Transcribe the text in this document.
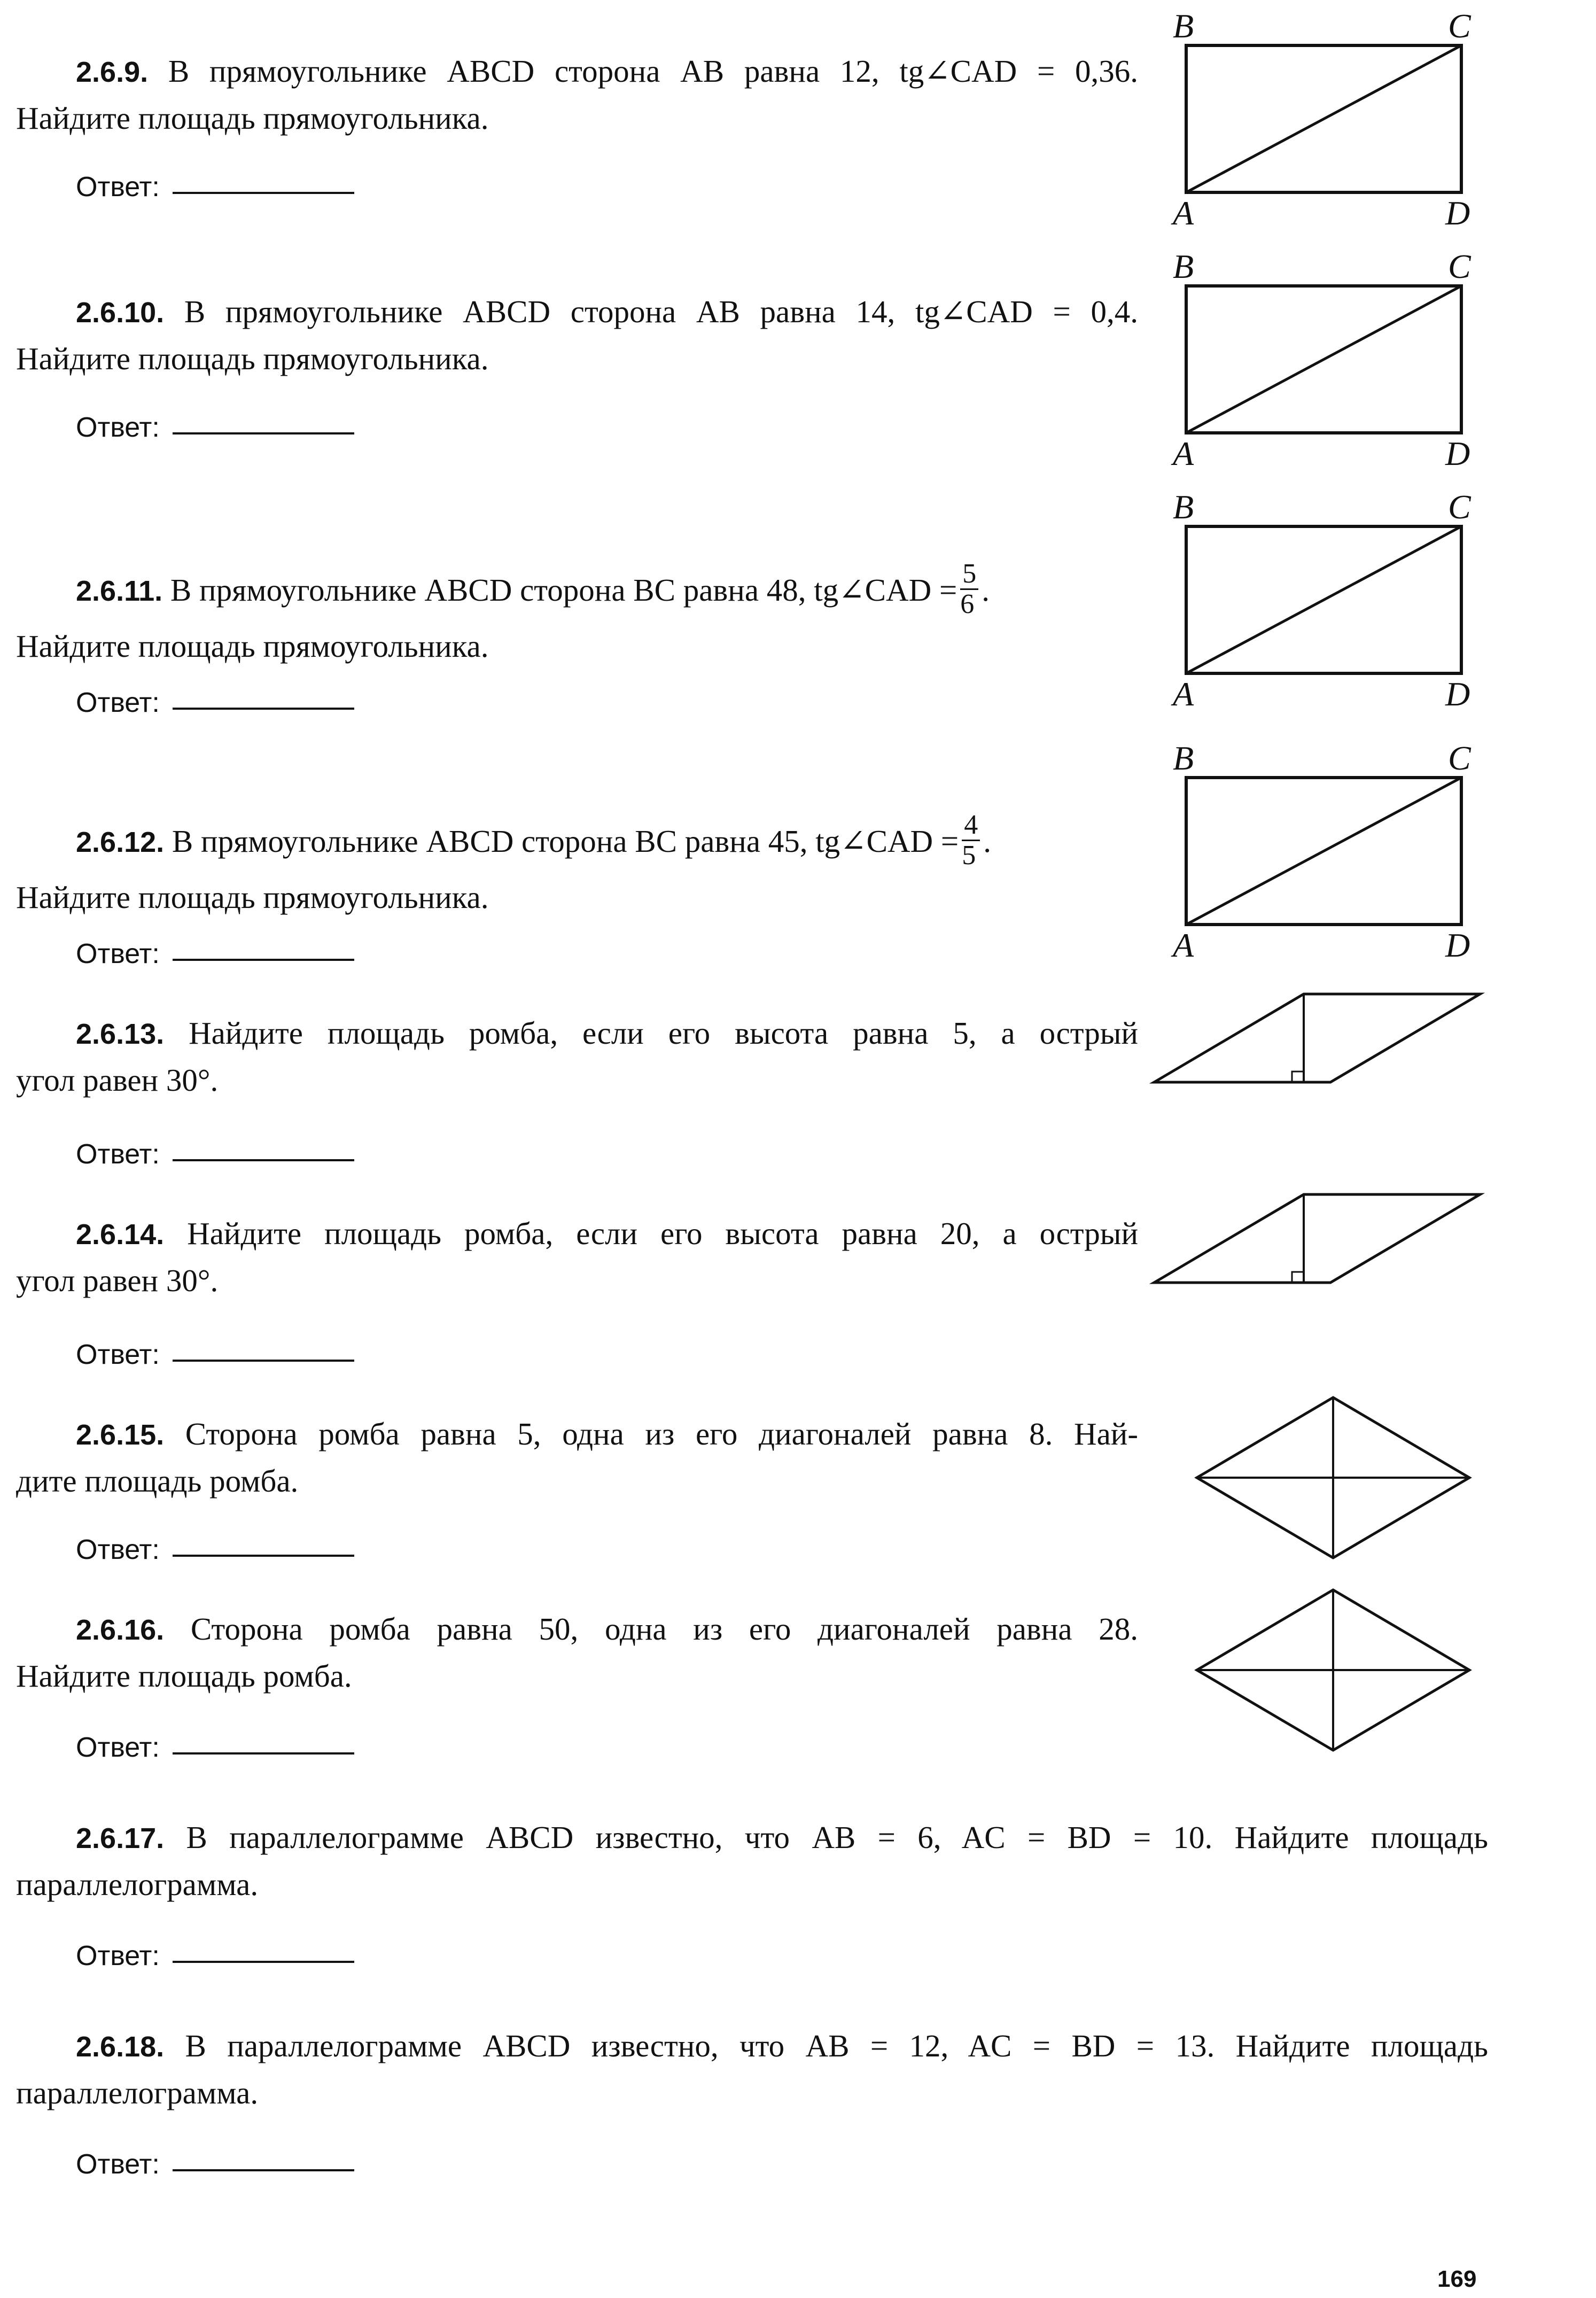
2.6.9. В прямоугольнике ABCD сторона AB равна 12, tg∠CAD = 0,36.
Найдите площадь прямоугольника.
Ответ:
2.6.10. В прямоугольнике ABCD сторона AB равна 14, tg∠CAD = 0,4.
Найдите площадь прямоугольника.
Ответ:
2.6.11. В прямоугольнике ABCD сторона BC равна 48, tg∠CAD = $\frac{5}{6}$ .
Найдите площадь прямоугольника.
Ответ:
2.6.12. В прямоугольнике ABCD сторона BC равна 45, tg∠CAD = $\frac{4}{5}$ .
Найдите площадь прямоугольника.
Ответ:
2.6.13. Найдите площадь ромба, если его высота равна 5, а острый
угол равен 30°.
Ответ:
2.6.14. Найдите площадь ромба, если его высота равна 20, а острый
угол равен 30°.
Ответ:
2.6.15. Сторона ромба равна 5, одна из его диагоналей равна 8. Най-
дите площадь ромба.
Ответ:
2.6.16. Сторона ромба равна 50, одна из его диагоналей равна 28.
Найдите площадь ромба.
Ответ:
2.6.17. В параллелограмме ABCD известно, что AB = 6, AC = BD = 10. Найдите площадь
параллелограмма.
Ответ:
2.6.18. В параллелограмме ABCD известно, что AB = 12, AC = BD = 13. Найдите площадь
параллелограмма.
Ответ:
B	C
A	D
B	C
A	D
B	C
A	D
B	C
A	D
169
